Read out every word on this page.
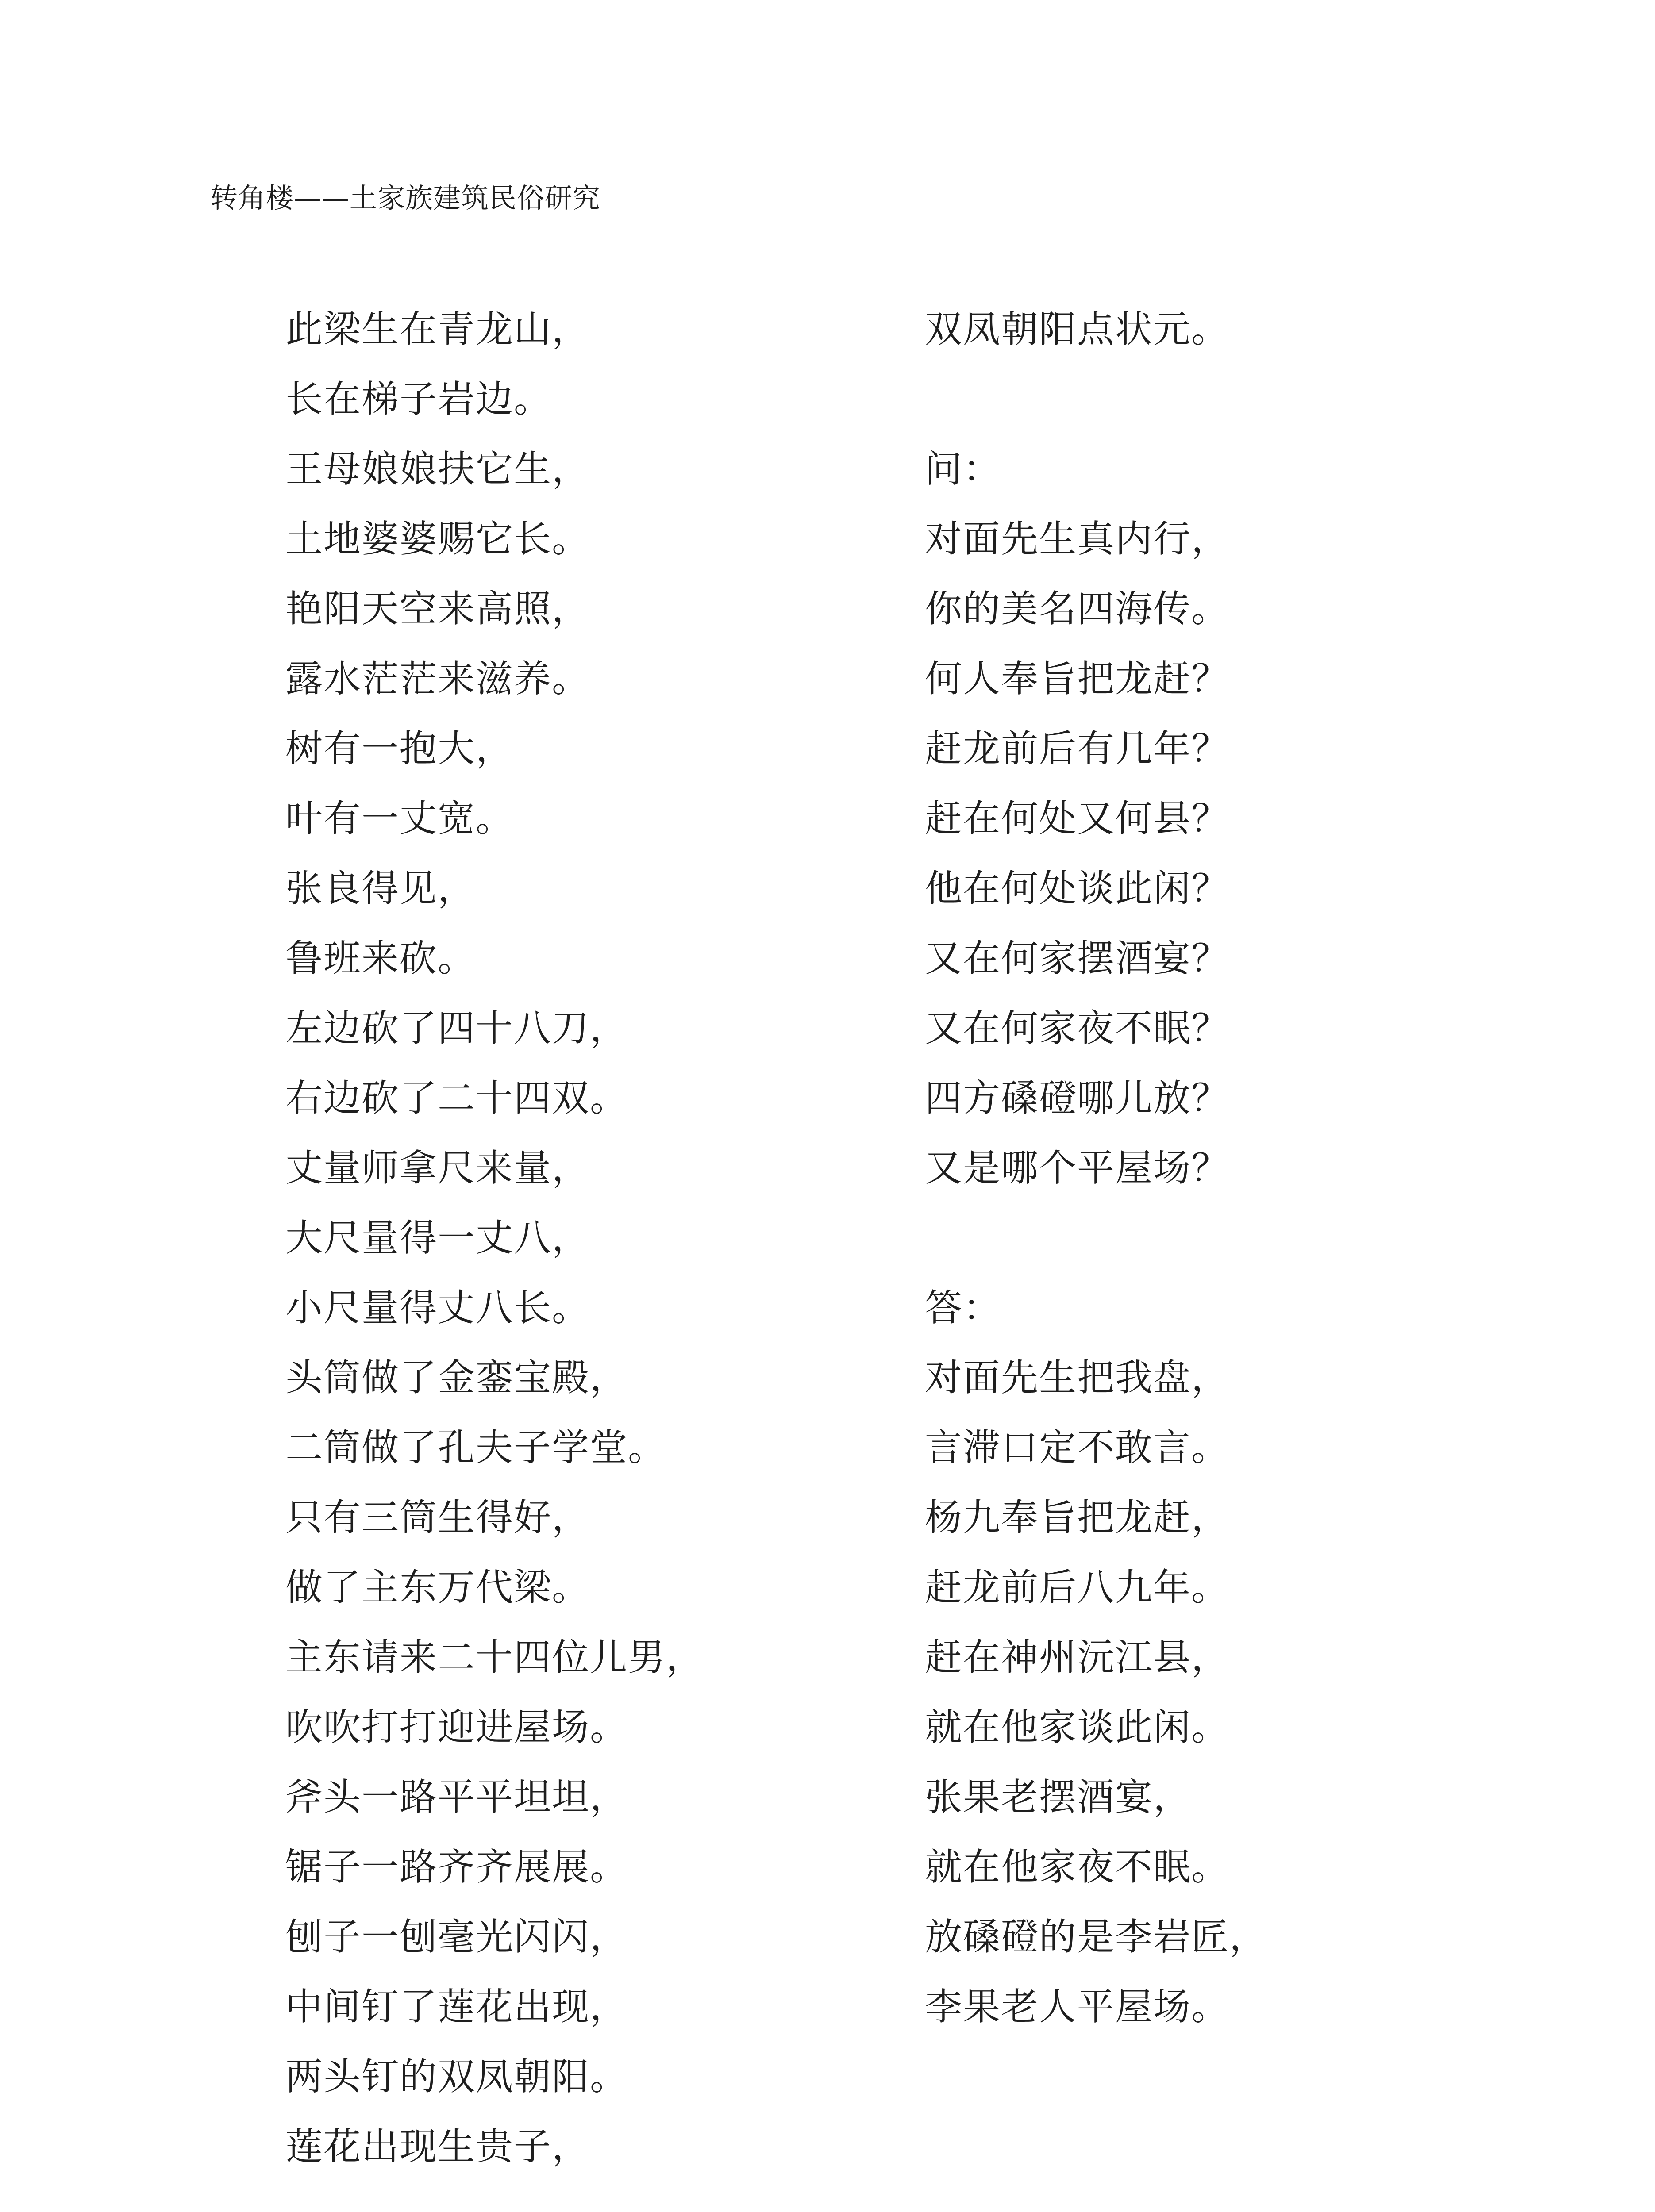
转角楼——土家族建筑民俗研究
此梁生在青龙山，
长在梯子岩边。
王母娘娘扶它生，
土地婆婆赐它长。
艳阳天空来高照，
露水茫茫来滋养。
树有一抱大，
叶有一丈宽。
张良得见，
鲁班来砍。
左边砍了四十八刀，
右边砍了二十四双。
丈量师拿尺来量，
大尺量得一丈八，
小尺量得丈八长。
头筒做了金銮宝殿，
二筒做了孔夫子学堂。
只有三筒生得好，
做了主东万代梁。
主东请来二十四位儿男，
吹吹打打迎进屋场。
斧头一路平平坦坦，
锯子一路齐齐展展。
刨子一刨毫光闪闪，
中间钉了莲花出现，
两头钉的双凤朝阳。
莲花出现生贵子，
双凤朝阳点状元。

问：
对面先生真内行，
你的美名四海传。
何人奉旨把龙赶？
赶龙前后有几年？
赶在何处又何县？
他在何处谈此闲？
又在何家摆酒宴？
又在何家夜不眠？
四方磉磴哪儿放？
又是哪个平屋场？

答：
对面先生把我盘，
言滞口定不敢言。
杨九奉旨把龙赶，
赶龙前后八九年。
赶在神州沅江县，
就在他家谈此闲。
张果老摆酒宴，
就在他家夜不眠。
放磉磴的是李岩匠，
李果老人平屋场。
